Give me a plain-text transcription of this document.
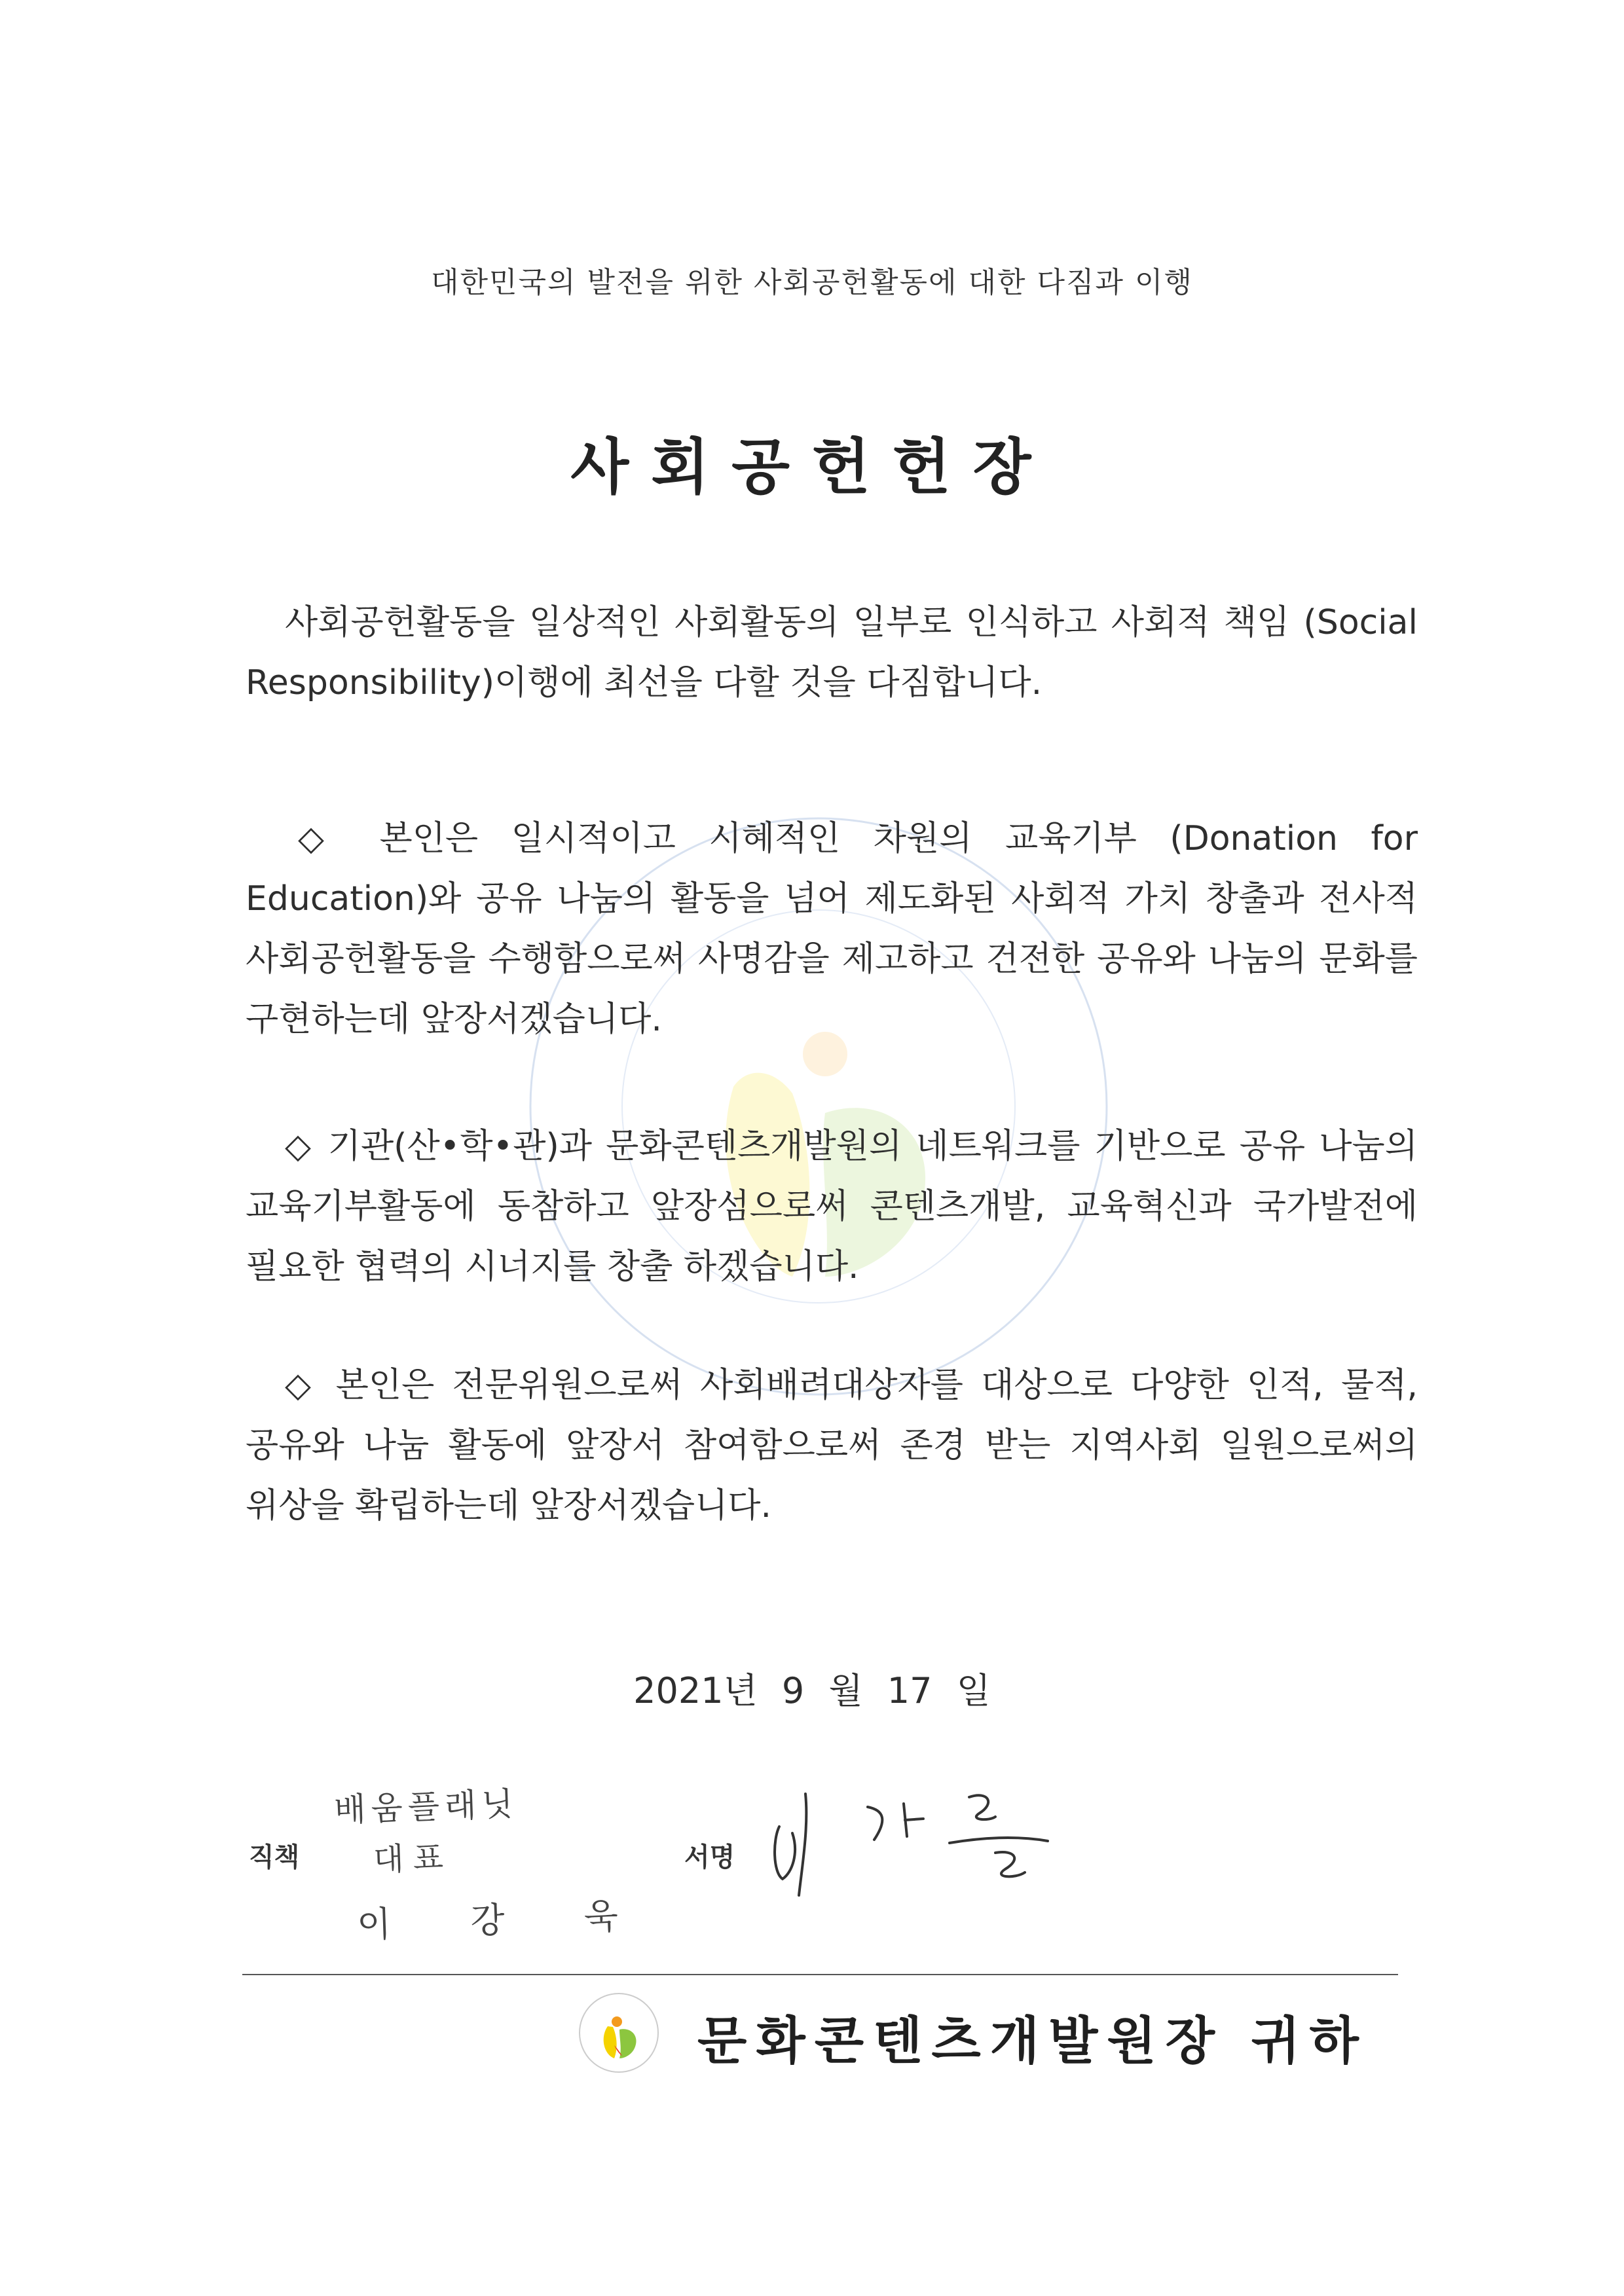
대한민국의 발전을 위한 사회공헌활동에 대한 다짐과 이행
사회공헌헌장
사회공헌활동을 일상적인 사회활동의 일부로 인식하고 사회적 책임 (Social Responsibility)이행에 최선을 다할 것을 다짐합니다.
◇ 본인은 일시적이고 시혜적인 차원의 교육기부 (Donation for Education)와 공유 나눔의 활동을 넘어 제도화된 사회적 가치 창출과 전사적 사회공헌활동을 수행함으로써 사명감을 제고하고 건전한 공유와 나눔의 문화를 구현하는데 앞장서겠습니다.
◇ 기관(산•학•관)과 문화콘텐츠개발원의 네트워크를 기반으로 공유 나눔의 교육기부활동에 동참하고 앞장섬으로써 콘텐츠개발, 교육혁신과 국가발전에 필요한 협력의 시너지를 창출 하겠습니다.
◇ 본인은 전문위원으로써 사회배려대상자를 대상으로 다양한 인적, 물적, 공유와 나눔 활동에 앞장서 참여함으로써 존경 받는 지역사회 일원으로써의 위상을 확립하는데 앞장서겠습니다.
2021년 9 월 17 일
직책
배움플래닛
대표
이 강 욱
서명
문화콘텐츠개발원장 귀하
